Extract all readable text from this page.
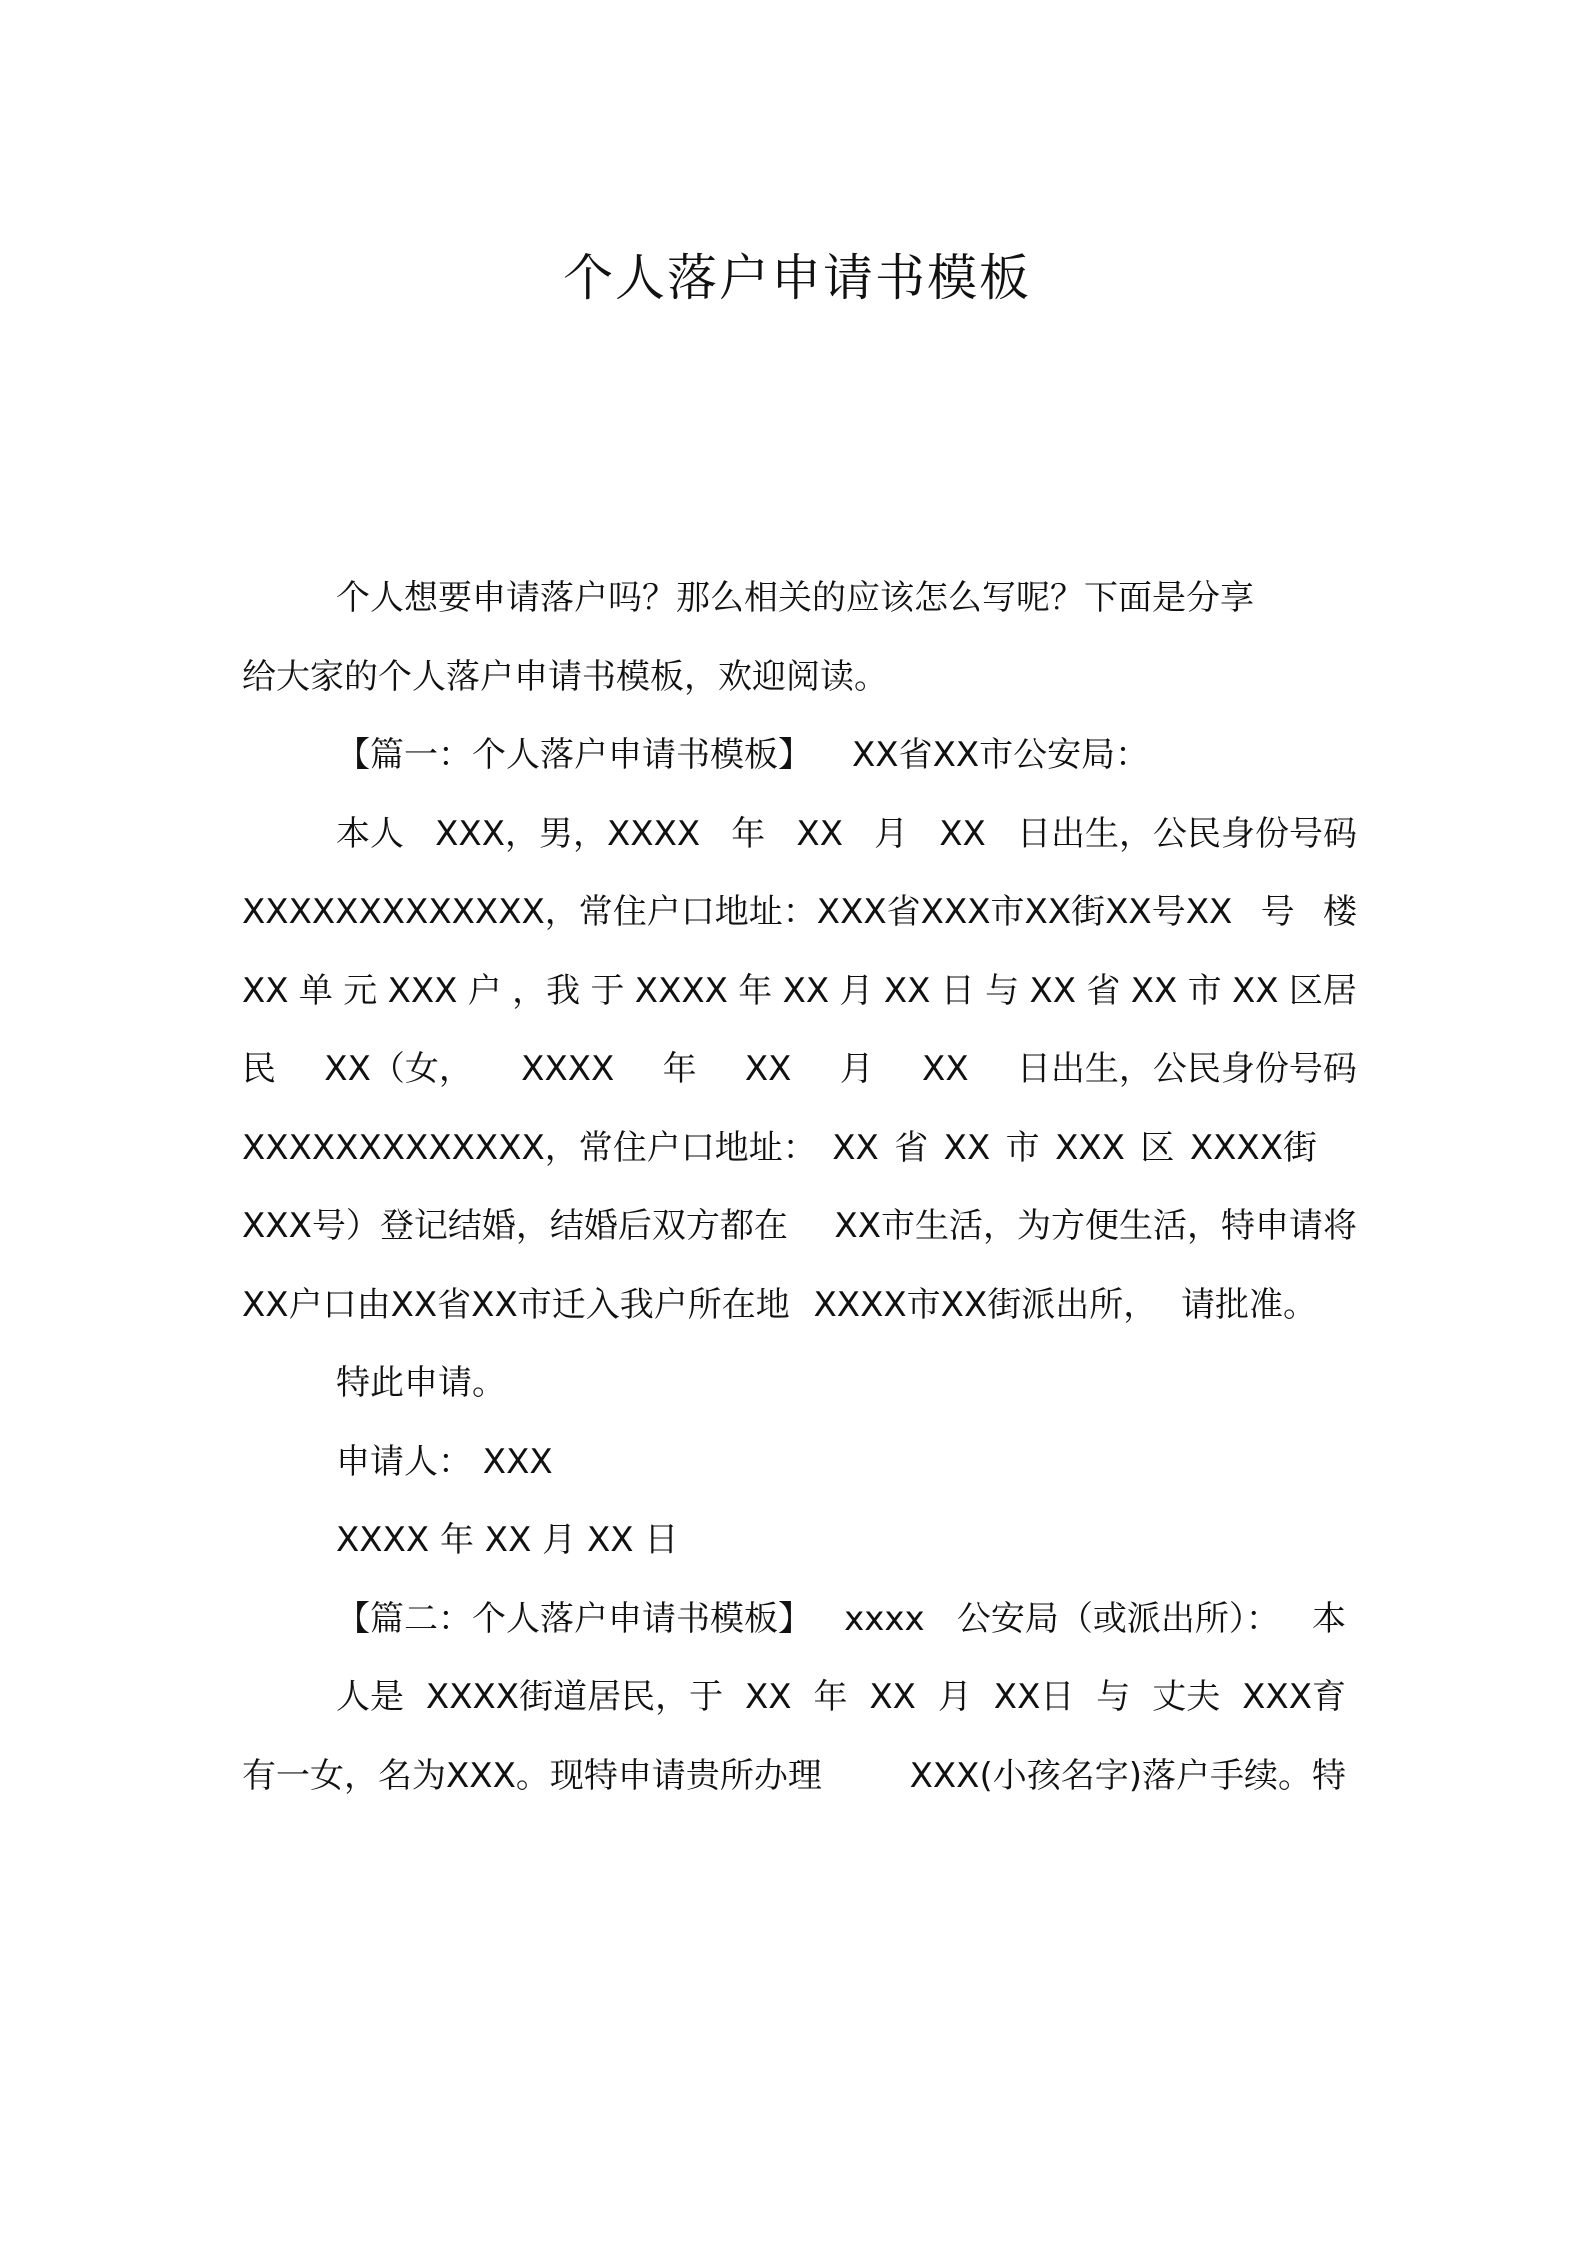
个人落户申请书模板
个人想要申请落户吗？那么相关的应该怎么写呢？下面是分享
给大家的个人落户申请书模板，欢迎阅读。
【篇一：个人落户申请书模板】 XX省XX市公安局：
本人 XXX，男，XXXX 年 XX 月 XX 日出生，公民身份号码
XXXXXXXXXXXXX，常住户口地址：XXX省XXX市XX街XX号XX 号 楼
XX 单 元 XXX 户 ，我 于 XXXX 年 XX 月 XX 日 与 XX 省 XX 市 XX 区居
民 XX（女， XXXX 年 XX 月 XX 日出生，公民身份号码
XXXXXXXXXXXXX，常住户口地址： XX 省 XX 市 XXX 区 XXXX街
XXX号）登记结婚，结婚后双方都在 XX市生活，为方便生活，特申请将
XX户口由XX省XX市迁入我户所在地 XXXX市XX街派出所， 请批准。
特此申请。
申请人： XXX
XXXX 年 XX 月 XX 日
【篇二：个人落户申请书模板】 xxxx 公安局（或派出所）： 本
人是 XXXX街道居民，于 XX 年 XX 月 XX日 与 丈夫 XXX育
有一女，名为XXX。现特申请贵所办理	XXX(小孩名字)落户手续。特
